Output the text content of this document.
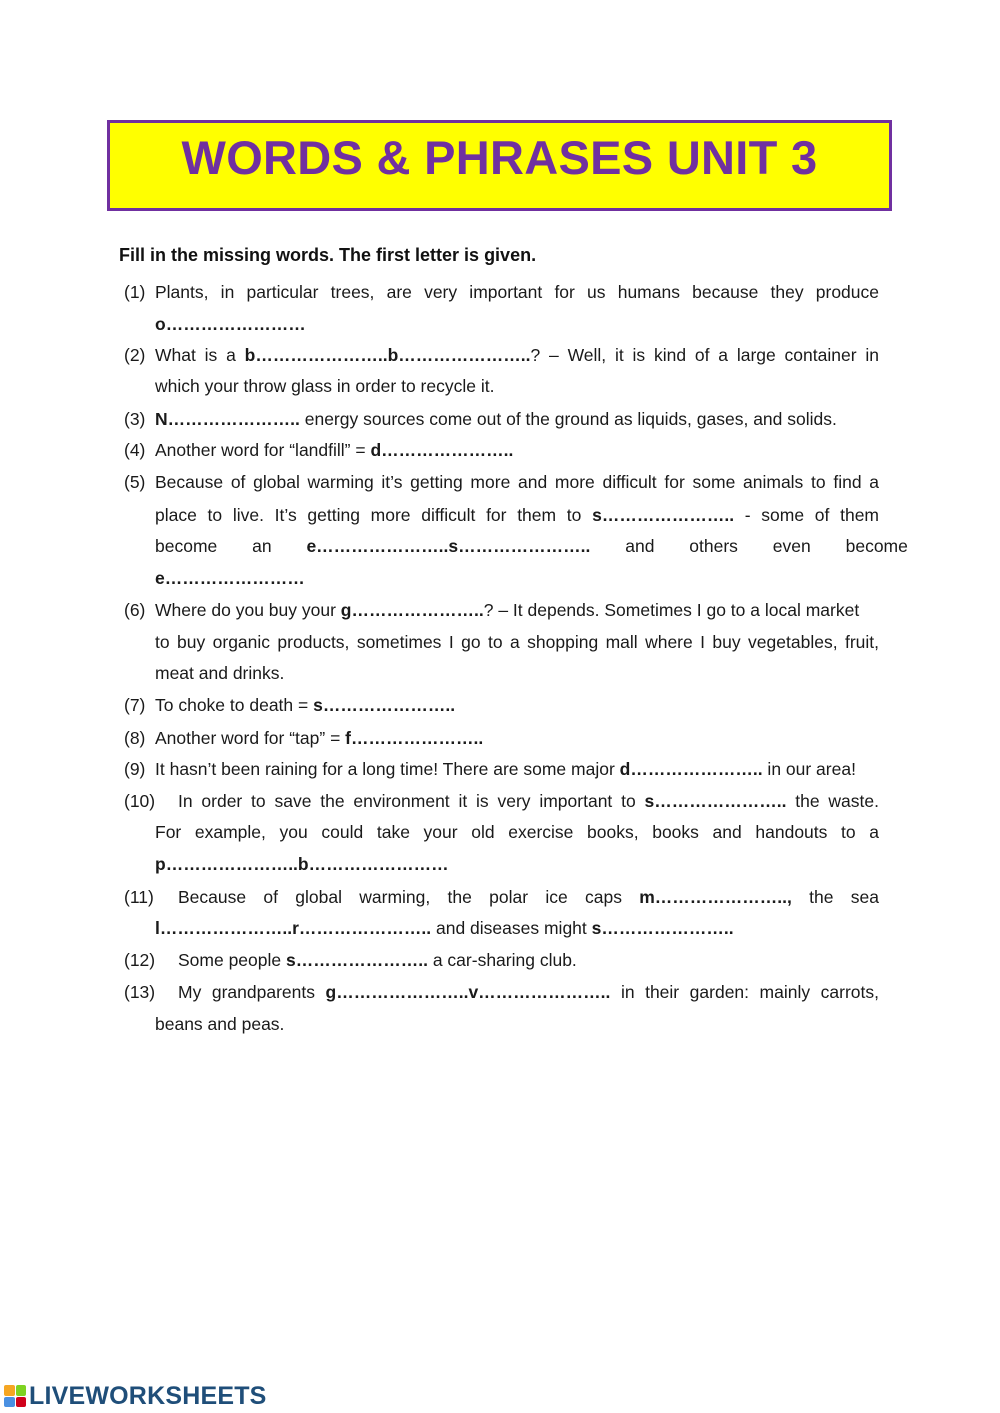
WORDS & PHRASES UNIT 3
Fill in the missing words. The first letter is given.
(1) Plants, in particular trees, are very important for us humans because they produce
o……………………
(2) What is a b…………………..b…………………..? – Well, it is kind of a large container in
which your throw glass in order to recycle it.
(3) N………………….. energy sources come out of the ground as liquids, gases, and solids.
(4) Another word for “landfill” = d…………………..
(5) Because of global warming it’s getting more and more difficult for some animals to find a
place to live. It’s getting more difficult for them to s………………….. - some of them
become an e…………………..s………………….. and others even become
e……………………
(6) Where do you buy your g…………………..? – It depends. Sometimes I go to a local market
to buy organic products, sometimes I go to a shopping mall where I buy vegetables, fruit,
meat and drinks.
(7) To choke to death = s…………………..
(8) Another word for “tap” = f…………………..
(9) It hasn’t been raining for a long time! There are some major d………………….. in our area!
(10) In order to save the environment it is very important to s………………….. the waste.
For example, you could take your old exercise books, books and handouts to a
p…………………..b……………………
(11) Because of global warming, the polar ice caps m………………….., the sea
l…………………..r………………….. and diseases might s…………………..
(12) Some people s………………….. a car-sharing club.
(13) My grandparents g…………………..v………………….. in their garden: mainly carrots,
beans and peas.
LIVEWORKSHEETS
